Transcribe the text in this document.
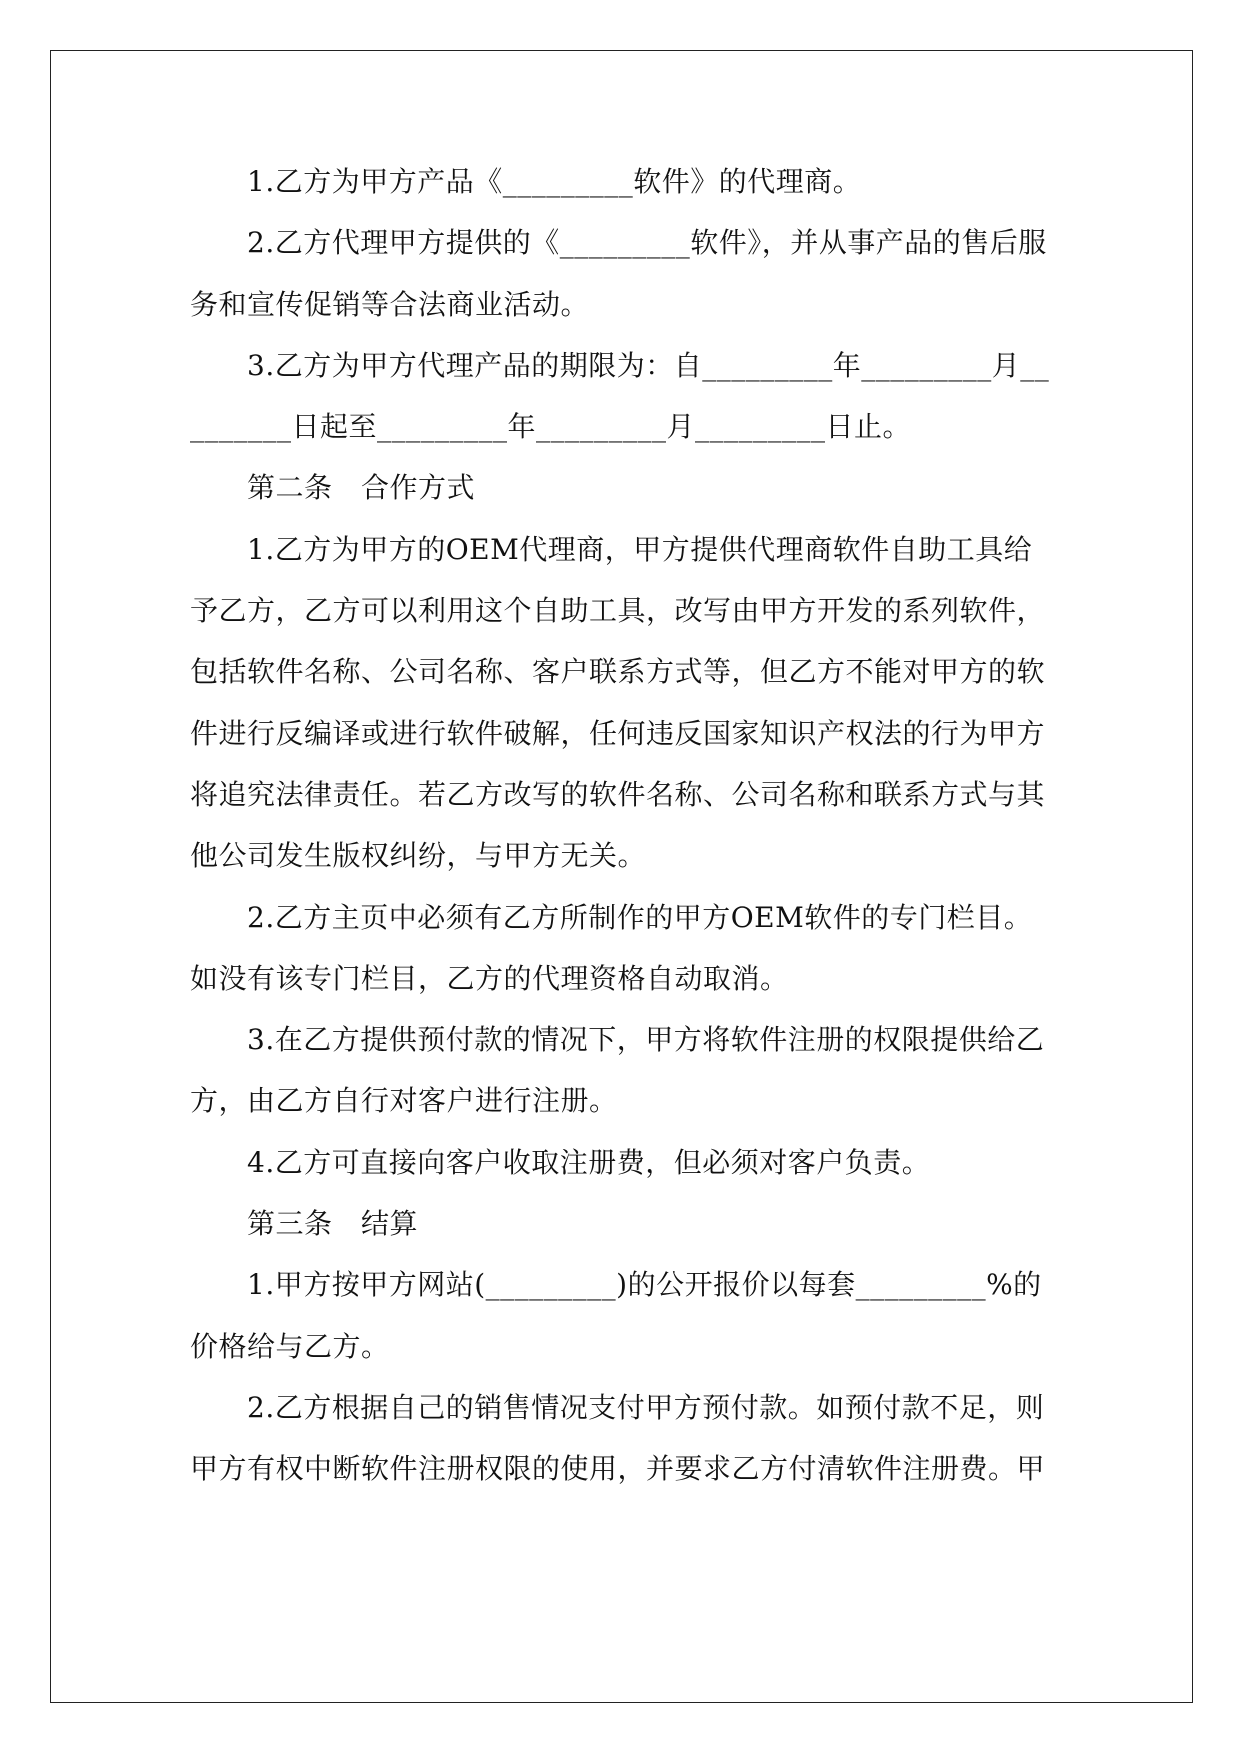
1.乙方为甲方产品《_________软件》的代理商。

2.乙方代理甲方提供的《_________软件》，并从事产品的售后服务和宣传促销等合法商业活动。

3.乙方为甲方代理产品的期限为：自_________年_________月_________日起至_________年_________月_________日止。

第二条　合作方式

1.乙方为甲方的OEM代理商，甲方提供代理商软件自助工具给予乙方，乙方可以利用这个自助工具，改写由甲方开发的系列软件，包括软件名称、公司名称、客户联系方式等，但乙方不能对甲方的软件进行反编译或进行软件破解，任何违反国家知识产权法的行为甲方将追究法律责任。若乙方改写的软件名称、公司名称和联系方式与其他公司发生版权纠纷，与甲方无关。

2.乙方主页中必须有乙方所制作的甲方OEM软件的专门栏目。如没有该专门栏目，乙方的代理资格自动取消。

3.在乙方提供预付款的情况下，甲方将软件注册的权限提供给乙方，由乙方自行对客户进行注册。

4.乙方可直接向客户收取注册费，但必须对客户负责。

第三条　结算

1.甲方按甲方网站(_________)的公开报价以每套_________%的价格给与乙方。

2.乙方根据自己的销售情况支付甲方预付款。如预付款不足，则甲方有权中断软件注册权限的使用，并要求乙方付清软件注册费。甲
